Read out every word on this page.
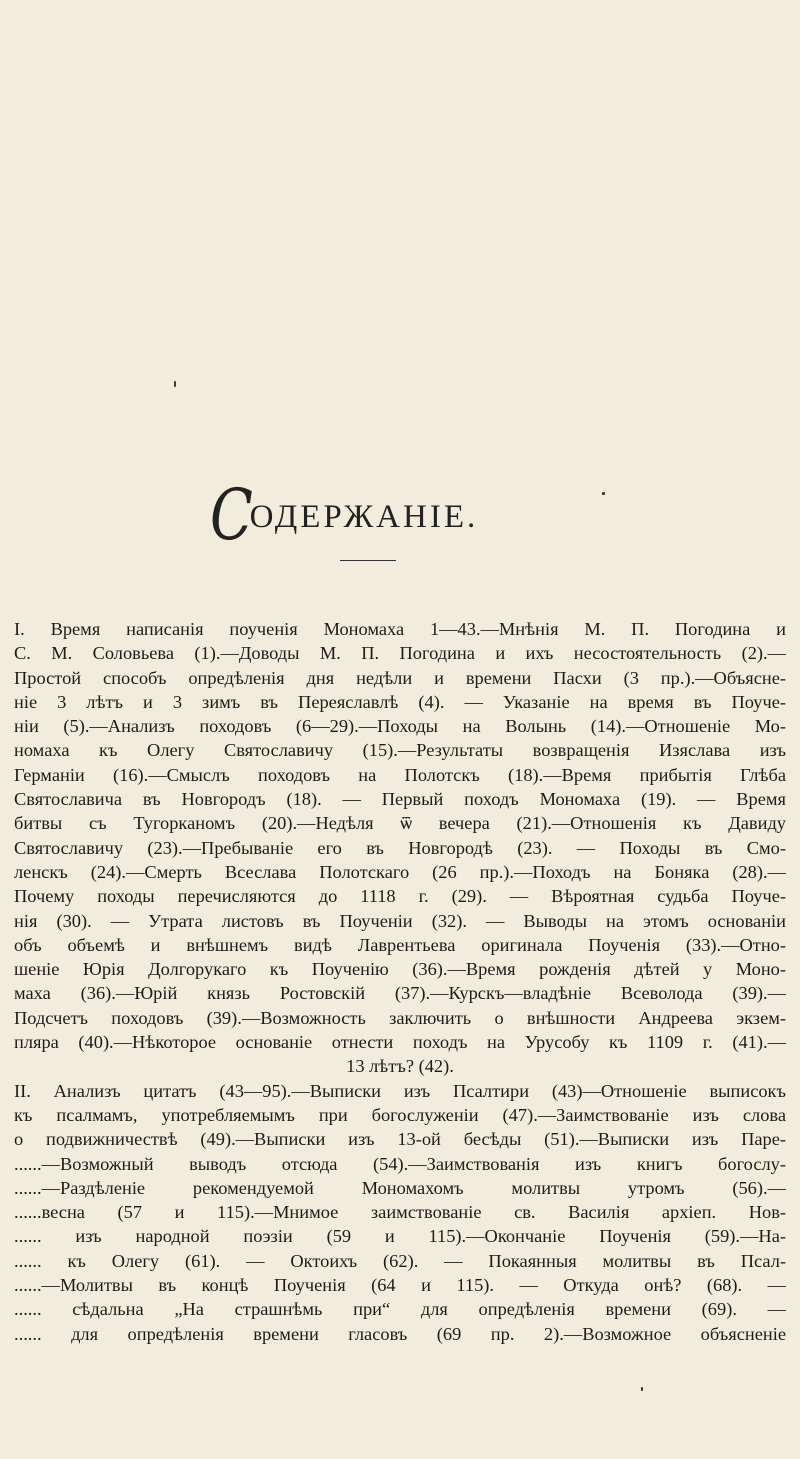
С
ОДЕРЖАНІЕ.
I. Время написанія поученія Мономаха 1—43.—Мнѣнія М. П. Погодина и
С. М. Соловьева (1).—Доводы М. П. Погодина и ихъ несостоятельность (2).—
Простой способъ опредѣленія дня недѣли и времени Пасхи (3 пр.).—Объясне-
ніе 3 лѣтъ и 3 зимъ въ Переяславлѣ (4). — Указаніе на время въ Поуче-
ніи (5).—Анализъ походовъ (6—29).—Походы на Волынь (14).—Отношеніе Мо-
номаха къ Олегу Святославичу (15).—Результаты возвращенія Изяслава изъ
Германіи (16).—Смыслъ походовъ на Полотскъ (18).—Время прибытія Глѣба
Святославича въ Новгородъ (18). — Первый походъ Мономаха (19). — Время
битвы съ Тугорканомъ (20).—Недѣля ѿ вечера (21).—Отношенія къ Давиду
Святославичу (23).—Пребываніе его въ Новгородѣ (23). — Походы въ Смо-
ленскъ (24).—Смерть Всеслава Полотскаго (26 пр.).—Походъ на Боняка (28).—
Почему походы перечисляются до 1118 г. (29). — Вѣроятная судьба Поуче-
нія (30). — Утрата листовъ въ Поученіи (32). — Выводы на этомъ основаніи
объ объемѣ и внѣшнемъ видѣ Лаврентьева оригинала Поученія (33).—Отно-
шеніе Юрія Долгорукаго къ Поученію (36).—Время рожденія дѣтей у Моно-
маха (36).—Юрій князь Ростовскій (37).—Курскъ—владѣніе Всеволода (39).—
Подсчетъ походовъ (39).—Возможность заключить о внѣшности Андреева экзем-
пляра (40).—Нѣкоторое основаніе отнести походъ на Урусобу къ 1109 г. (41).—
13 лѣтъ? (42).
II. Анализъ цитатъ (43—95).—Выписки изъ Псалтири (43)—Отношеніе выписокъ
къ псалмамъ, употребляемымъ при богослуженіи (47).—Заимствованіе изъ слова
о подвижничествѣ (49).—Выписки изъ 13-ой бесѣды (51).—Выписки изъ Паре-
......—Возможный выводъ отсюда (54).—Заимствованія изъ книгъ богослу-
......—Раздѣленіе рекомендуемой Мономахомъ молитвы утромъ (56).—
......весна (57 и 115).—Мнимое заимствованіе св. Василія архіеп. Нов-
...... изъ народной поэзіи (59 и 115).—Окончаніе Поученія (59).—На-
...... къ Олегу (61). — Октоихъ (62). — Покаянныя молитвы въ Псал-
......—Молитвы въ концѣ Поученія (64 и 115). — Откуда онѣ? (68). —
...... сѣдальна „На страшнѣмь при“ для опредѣленія времени (69). —
...... для опредѣленія времени гласовъ (69 пр. 2).—Возможное объясненіе
